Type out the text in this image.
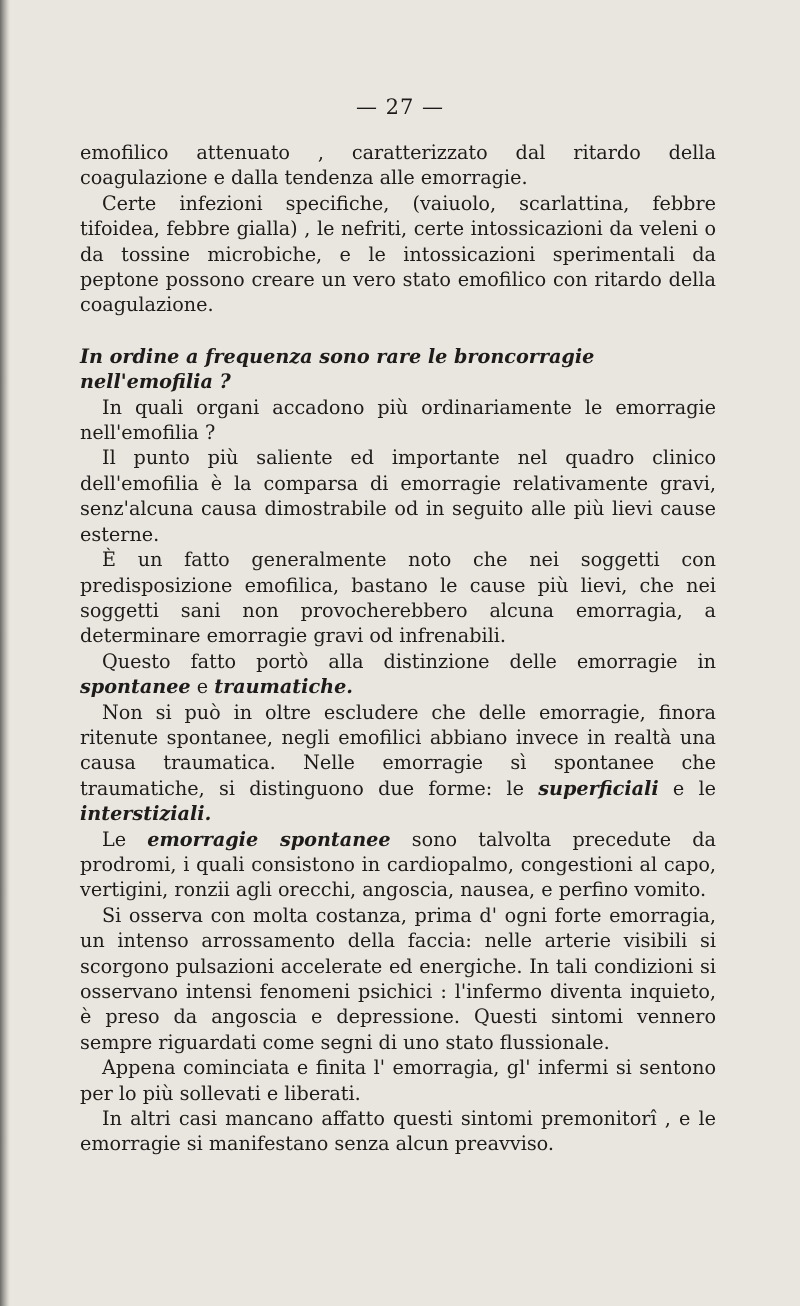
— 27 —

emofilico attenuato , caratterizzato dal ritardo della coagulazione e dalla tendenza alle emorragie.

Certe infezioni specifiche, (vaiuolo, scarlattina, febbre tifoidea, febbre gialla) , le nefriti, certe intossicazioni da veleni o da tossine microbiche, e le intossicazioni sperimentali da peptone possono creare un vero stato emofilico con ritardo della coagulazione.

In ordine a frequenza sono rare le broncorragie nell'emofilia ?

In quali organi accadono più ordinariamente le emorragie nell'emofilia ?

Il punto più saliente ed importante nel quadro clinico dell'emofilia è la comparsa di emorragie relativamente gravi, senz'alcuna causa dimostrabile od in seguito alle più lievi cause esterne.

È un fatto generalmente noto che nei soggetti con predisposizione emofilica, bastano le cause più lievi, che nei soggetti sani non provocherebbero alcuna emorragia, a determinare emorragie gravi od infrenabili.

Questo fatto portò alla distinzione delle emorragie in spontanee e traumatiche.

Non si può in oltre escludere che delle emorragie, finora ritenute spontanee, negli emofilici abbiano invece in realtà una causa traumatica. Nelle emorragie sì spontanee che traumatiche, si distinguono due forme: le superficiali e le interstiziali.

Le emorragie spontanee sono talvolta precedute da prodromi, i quali consistono in cardiopalmo, congestioni al capo, vertigini, ronzii agli orecchi, angoscia, nausea, e perfino vomito.

Si osserva con molta costanza, prima d' ogni forte emorragia, un intenso arrossamento della faccia: nelle arterie visibili si scorgono pulsazioni accelerate ed energiche. In tali condizioni si osservano intensi fenomeni psichici : l'infermo diventa inquieto, è preso da angoscia e depressione. Questi sintomi vennero sempre riguardati come segni di uno stato flussionale.

Appena cominciata e finita l' emorragia, gl' infermi si sentono per lo più sollevati e liberati.

In altri casi mancano affatto questi sintomi premonitorî , e le emorragie si manifestano senza alcun preavviso.
